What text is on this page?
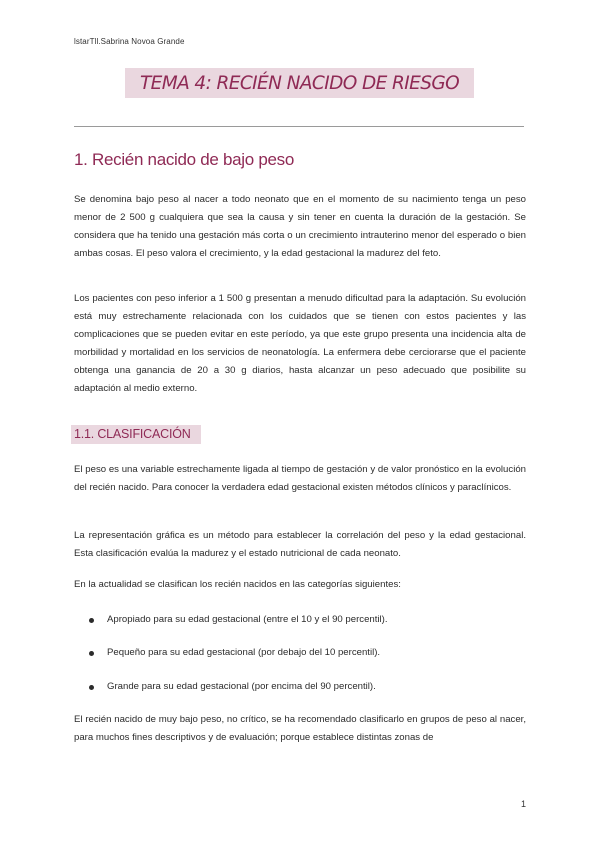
lstarTll.Sabrina Novoa Grande
TEMA 4: RECIÉN NACIDO DE RIESGO
1. Recién nacido de bajo peso

Se denomina bajo peso al nacer a todo neonato que en el momento de su nacimiento tenga un peso menor de 2 500 g cualquiera que sea la causa y sin tener en cuenta la duración de la gestación. Se considera que ha tenido una gestación más corta o un crecimiento intrauterino menor del esperado o bien ambas cosas. El peso valora el crecimiento, y la edad gestacional la madurez del feto.

Los pacientes con peso inferior a 1 500 g presentan a menudo dificultad para la adaptación. Su evolución está muy estrechamente relacionada con los cuidados que se tienen con estos pacientes y las complicaciones que se pueden evitar en este período, ya que este grupo presenta una incidencia alta de morbilidad y mortalidad en los servicios de neonatología. La enfermera debe cerciorarse que el paciente obtenga una ganancia de 20 a 30 g diarios, hasta alcanzar un peso adecuado que posibilite su adaptación al medio externo.

1.1. CLASIFICACIÓN

El peso es una variable estrechamente ligada al tiempo de gestación y de valor pronóstico en la evolución del recién nacido. Para conocer la verdadera edad gestacional existen métodos clínicos y paraclínicos.

La representación gráfica es un método para establecer la correlación del peso y la edad gestacional. Esta clasificación evalúa la madurez y el estado nutricional de cada neonato.

En la actualidad se clasifican los recién nacidos en las categorías siguientes:

Apropiado para su edad gestacional (entre el 10 y el 90 percentil).
Pequeño para su edad gestacional (por debajo del 10 percentil).
Grande para su edad gestacional (por encima del 90 percentil).

El recién nacido de muy bajo peso, no crítico, se ha recomendado clasificarlo en grupos de peso al nacer, para muchos fines descriptivos y de evaluación; porque establece distintas zonas de

1
